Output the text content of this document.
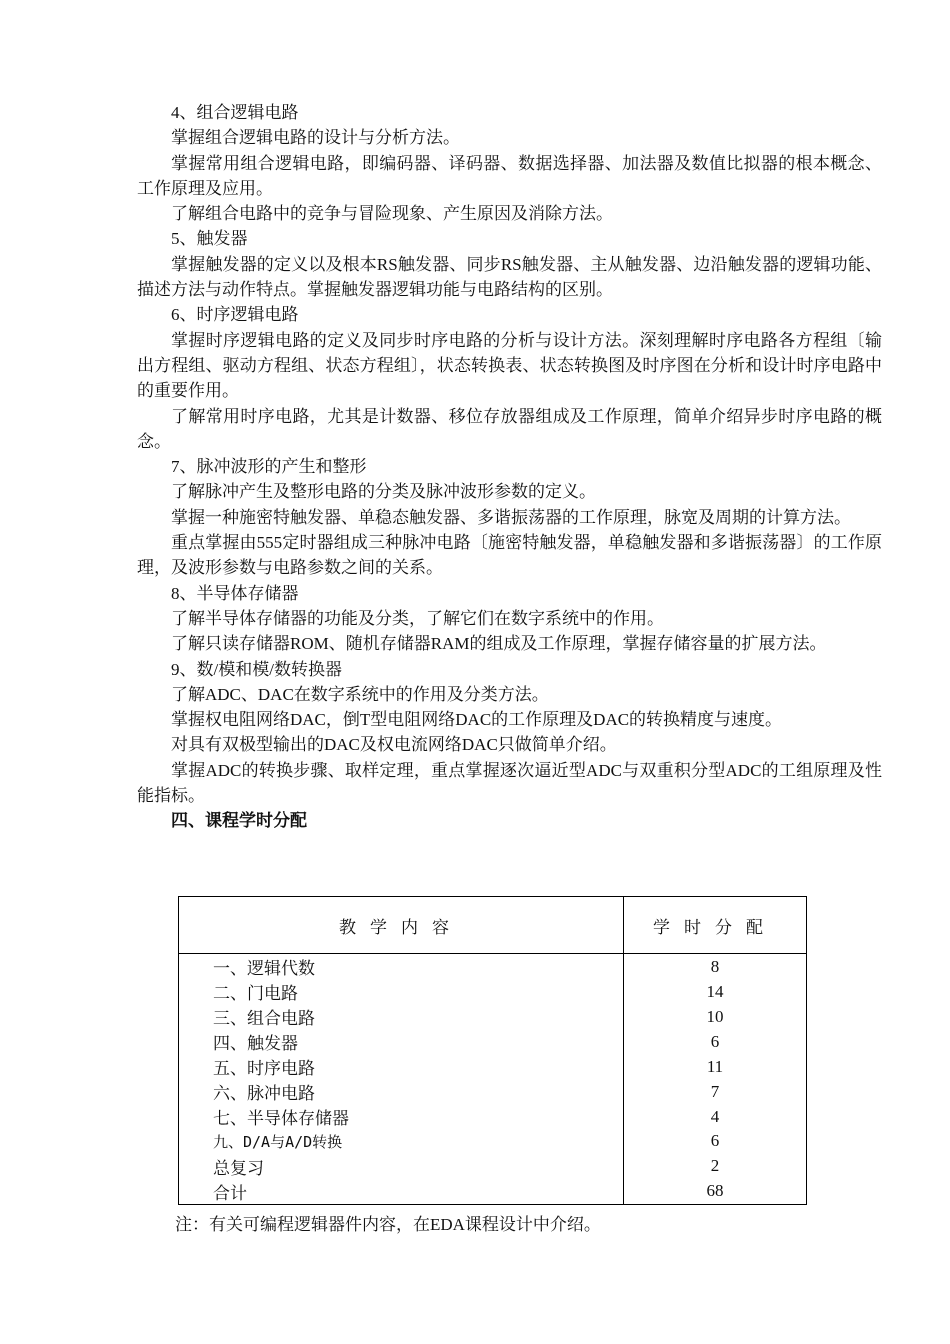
4、组合逻辑电路

掌握组合逻辑电路的设计与分析方法。

掌握常用组合逻辑电路，即编码器、译码器、数据选择器、加法器及数值比拟器的根本概念、工作原理及应用。

了解组合电路中的竞争与冒险现象、产生原因及消除方法。

5、触发器

掌握触发器的定义以及根本RS触发器、同步RS触发器、主从触发器、边沿触发器的逻辑功能、描述方法与动作特点。掌握触发器逻辑功能与电路结构的区别。

6、时序逻辑电路

掌握时序逻辑电路的定义及同步时序电路的分析与设计方法。深刻理解时序电路各方程组〔输出方程组、驱动方程组、状态方程组〕，状态转换表、状态转换图及时序图在分析和设计时序电路中的重要作用。

了解常用时序电路，尤其是计数器、移位存放器组成及工作原理，简单介绍异步时序电路的概念。

7、脉冲波形的产生和整形

了解脉冲产生及整形电路的分类及脉冲波形参数的定义。

掌握一种施密特触发器、单稳态触发器、多谐振荡器的工作原理，脉宽及周期的计算方法。

重点掌握由555定时器组成三种脉冲电路〔施密特触发器，单稳触发器和多谐振荡器〕的工作原理，及波形参数与电路参数之间的关系。

8、半导体存储器

了解半导体存储器的功能及分类，了解它们在数字系统中的作用。

了解只读存储器ROM、随机存储器RAM的组成及工作原理，掌握存储容量的扩展方法。

9、数/模和模/数转换器

了解ADC、DAC在数字系统中的作用及分类方法。

掌握权电阻网络DAC，倒T型电阻网络DAC的工作原理及DAC的转换精度与速度。

对具有双极型输出的DAC及权电流网络DAC只做简单介绍。

掌握ADC的转换步骤、取样定理，重点掌握逐次逼近型ADC与双重积分型ADC的工组原理及性能指标。

四、课程学时分配

教学内容	学时分配
一、逻辑代数	8
二、门电路	14
三、组合电路	10
四、触发器	6
五、时序电路	11
六、脉冲电路	7
七、半导体存储器	4
九、D/A与A/D转换	6
总复习	2
合计	68

注：有关可编程逻辑器件内容，在EDA课程设计中介绍。
